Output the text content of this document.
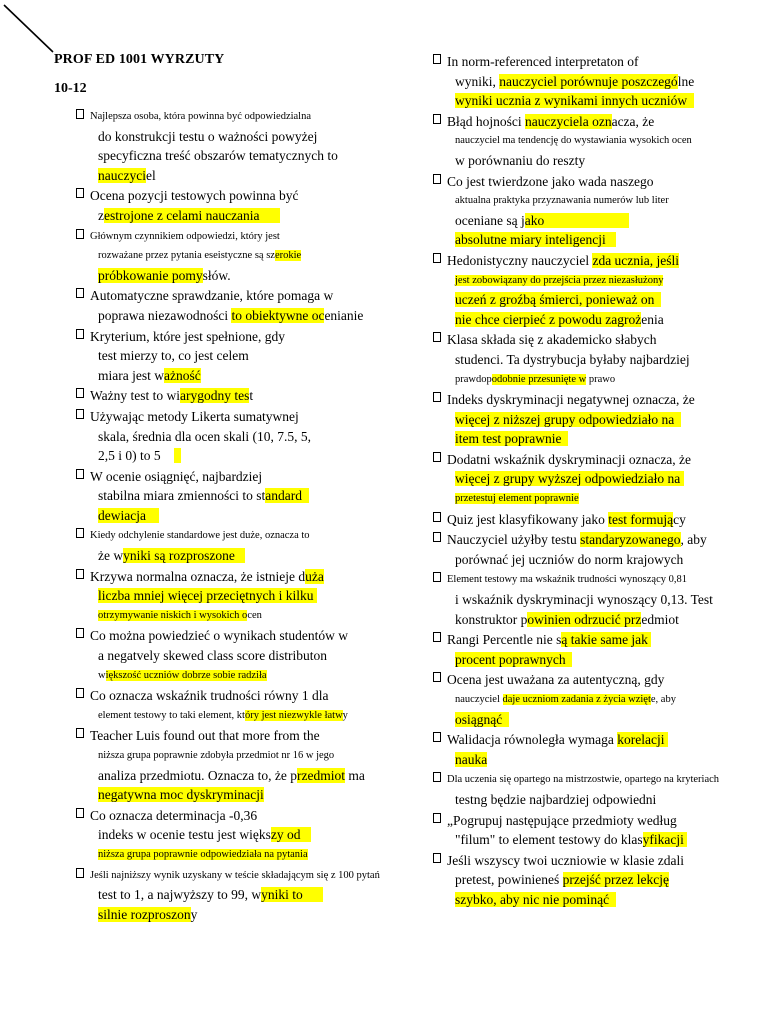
PROF ED 1001 WYRZUTY
10-12
Najlepsza osoba, która powinna być odpowiedzialna
do konstrukcji testu o ważności powyżej
specyficzna treść obszarów tematycznych to
nauczyciel
Ocena pozycji testowych powinna być
zestrojone z celami nauczania
Głównym czynnikiem odpowiedzi, który jest
rozważane przez pytania eseistyczne są szerokie
próbkowanie pomysłów.
Automatyczne sprawdzanie, które pomaga w
poprawa niezawodności to obiektywne ocenianie
Kryterium, które jest spełnione, gdy
test mierzy to, co jest celem
miara jest ważność
Ważny test to wiarygodny test
Używając metody Likerta sumatywnej
skala, średnia dla ocen skali (10, 7.5, 5,
2,5 i 0) to 5
W ocenie osiągnięć, najbardziej
stabilna miara zmienności to standard
dewiacja
Kiedy odchylenie standardowe jest duże, oznacza to
że wyniki są rozproszone
Krzywa normalna oznacza, że istnieje duża
liczba mniej więcej przeciętnych i kilku
otrzymywanie niskich i wysokich ocen
Co można powiedzieć o wynikach studentów w
a negatvely skewed class score distributon
większość uczniów dobrze sobie radziła
Co oznacza wskaźnik trudności równy 1 dla
element testowy to taki element, który jest niezwykle łatwy
Teacher Luis found out that more from the
niższa grupa poprawnie zdobyła przedmiot nr 16 w jego
analiza przedmiotu. Oznacza to, że przedmiot ma
negatywna moc dyskryminacji
Co oznacza determinacja -0,36
indeks w ocenie testu jest większy od
niższa grupa poprawnie odpowiedziała na pytania
Jeśli najniższy wynik uzyskany w teście składającym się z 100 pytań
test to 1, a najwyższy to 99, wyniki to
silnie rozproszony
In norm-referenced interpretaton of
wyniki, nauczyciel porównuje poszczególne
wyniki ucznia z wynikami innych uczniów
Błąd hojności nauczyciela oznacza, że
nauczyciel ma tendencję do wystawiania wysokich ocen
w porównaniu do reszty
Co jest twierdzone jako wada naszego
aktualna praktyka przyznawania numerów lub liter
oceniane są jako
absolutne miary inteligencji
Hedonistyczny nauczyciel zda ucznia, jeśli
jest zobowiązany do przejścia przez niezasłużony
uczeń z groźbą śmierci, ponieważ on
nie chce cierpieć z powodu zagrożenia
Klasa składa się z akademicko słabych
studenci. Ta dystrybucja byłaby najbardziej
prawdopodobnie przesunięte w prawo
Indeks dyskryminacji negatywnej oznacza, że
więcej z niższej grupy odpowiedziało na
item test poprawnie
Dodatni wskaźnik dyskryminacji oznacza, że
więcej z grupy wyższej odpowiedziało na
przetestuj element poprawnie
Quiz jest klasyfikowany jako test formujący
Nauczyciel użyłby testu standaryzowanego, aby
porównać jej uczniów do norm krajowych
Element testowy ma wskaźnik trudności wynoszący 0,81
i wskaźnik dyskryminacji wynoszący 0,13. Test
konstruktor powinien odrzucić przedmiot
Rangi Percentle nie są takie same jak
procent poprawnych
Ocena jest uważana za autentyczną, gdy
nauczyciel daje uczniom zadania z życia wzięte, aby
osiągnąć
Walidacja równoległa wymaga korelacji
nauka
Dla uczenia się opartego na mistrzostwie, opartego na kryteriach
testng będzie najbardziej odpowiedni
„Pogrupuj następujące przedmioty według
"filum" to element testowy do klasyfikacji
Jeśli wszyscy twoi uczniowie w klasie zdali
pretest, powinieneś przejść przez lekcję
szybko, aby nic nie pominąć
